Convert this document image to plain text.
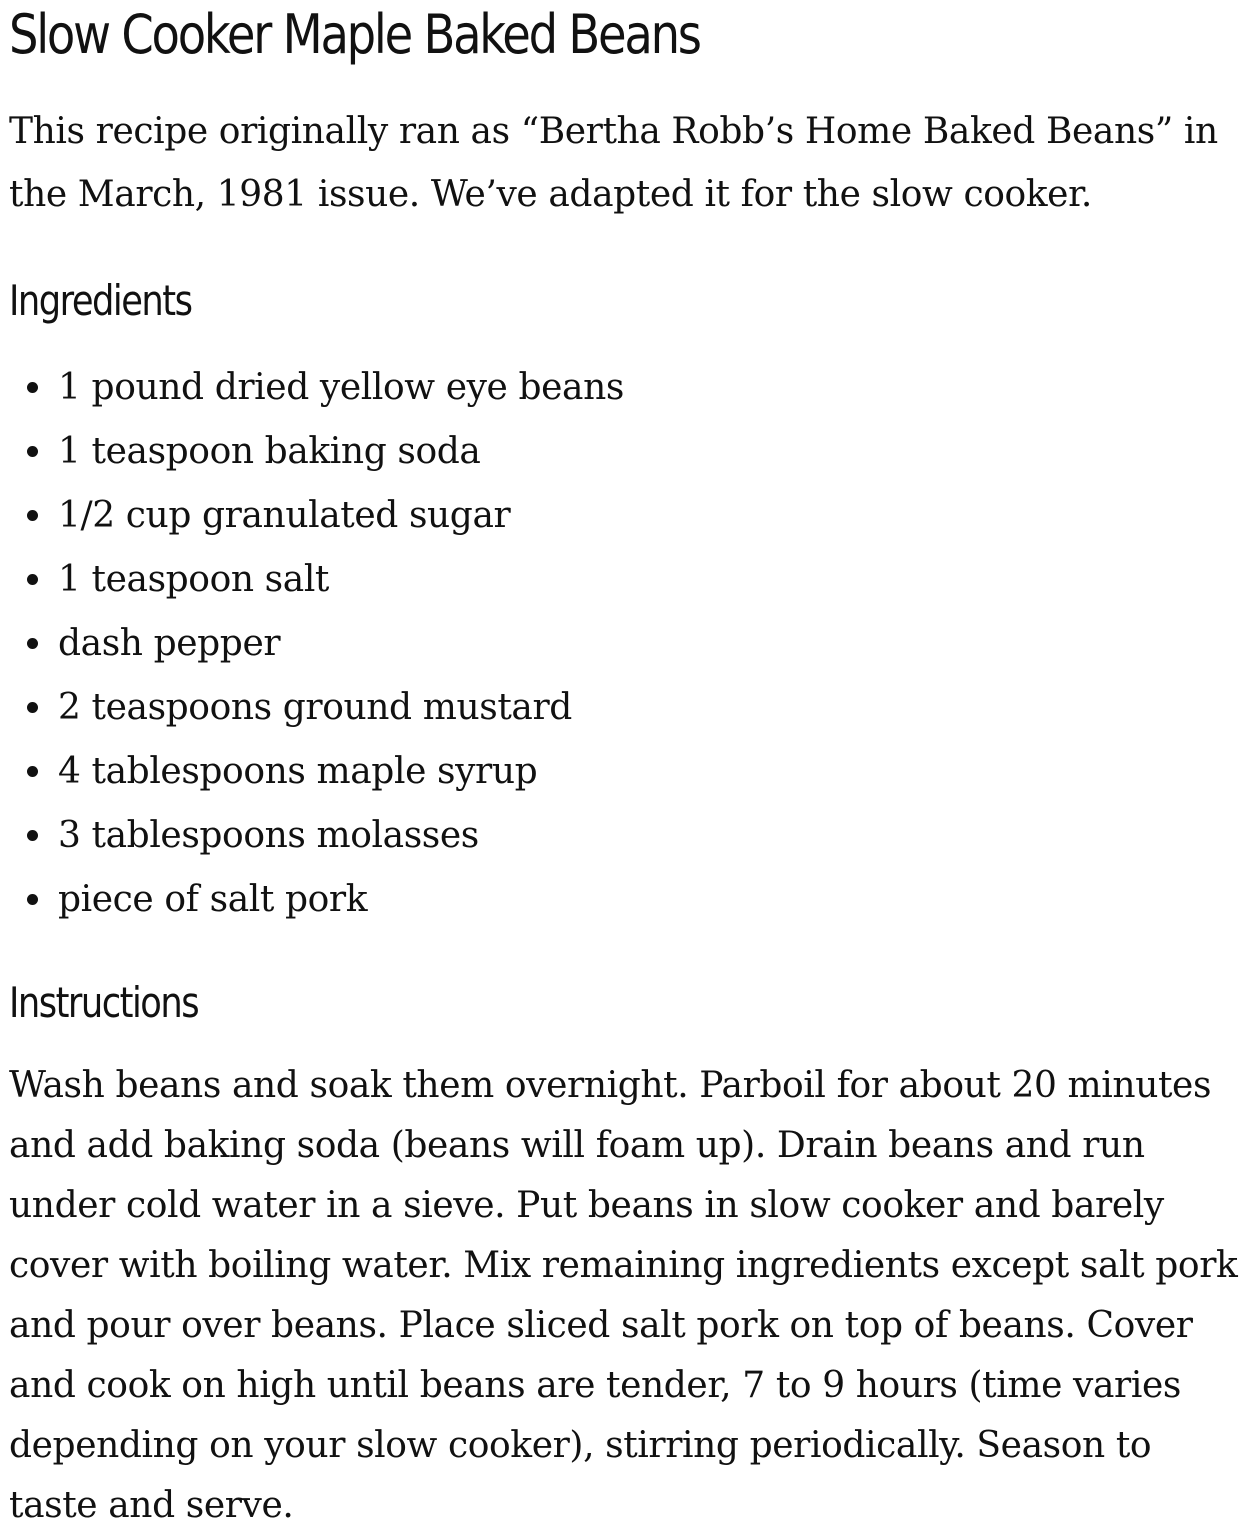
Slow Cooker Maple Baked Beans

This recipe originally ran as “Bertha Robb’s Home Baked Beans” in the March, 1981 issue. We’ve adapted it for the slow cooker.

Ingredients
1 pound dried yellow eye beans
1 teaspoon baking soda
1/2 cup granulated sugar
1 teaspoon salt
dash pepper
2 teaspoons ground mustard
4 tablespoons maple syrup
3 tablespoons molasses
piece of salt pork
Instructions

Wash beans and soak them overnight. Parboil for about 20 minutes and add baking soda (beans will foam up). Drain beans and run under cold water in a sieve. Put beans in slow cooker and barely cover with boiling water. Mix remaining ingredients except salt pork and pour over beans. Place sliced salt pork on top of beans. Cover and cook on high until beans are tender, 7 to 9 hours (time varies depending on your slow cooker), stirring periodically. Season to taste and serve.
